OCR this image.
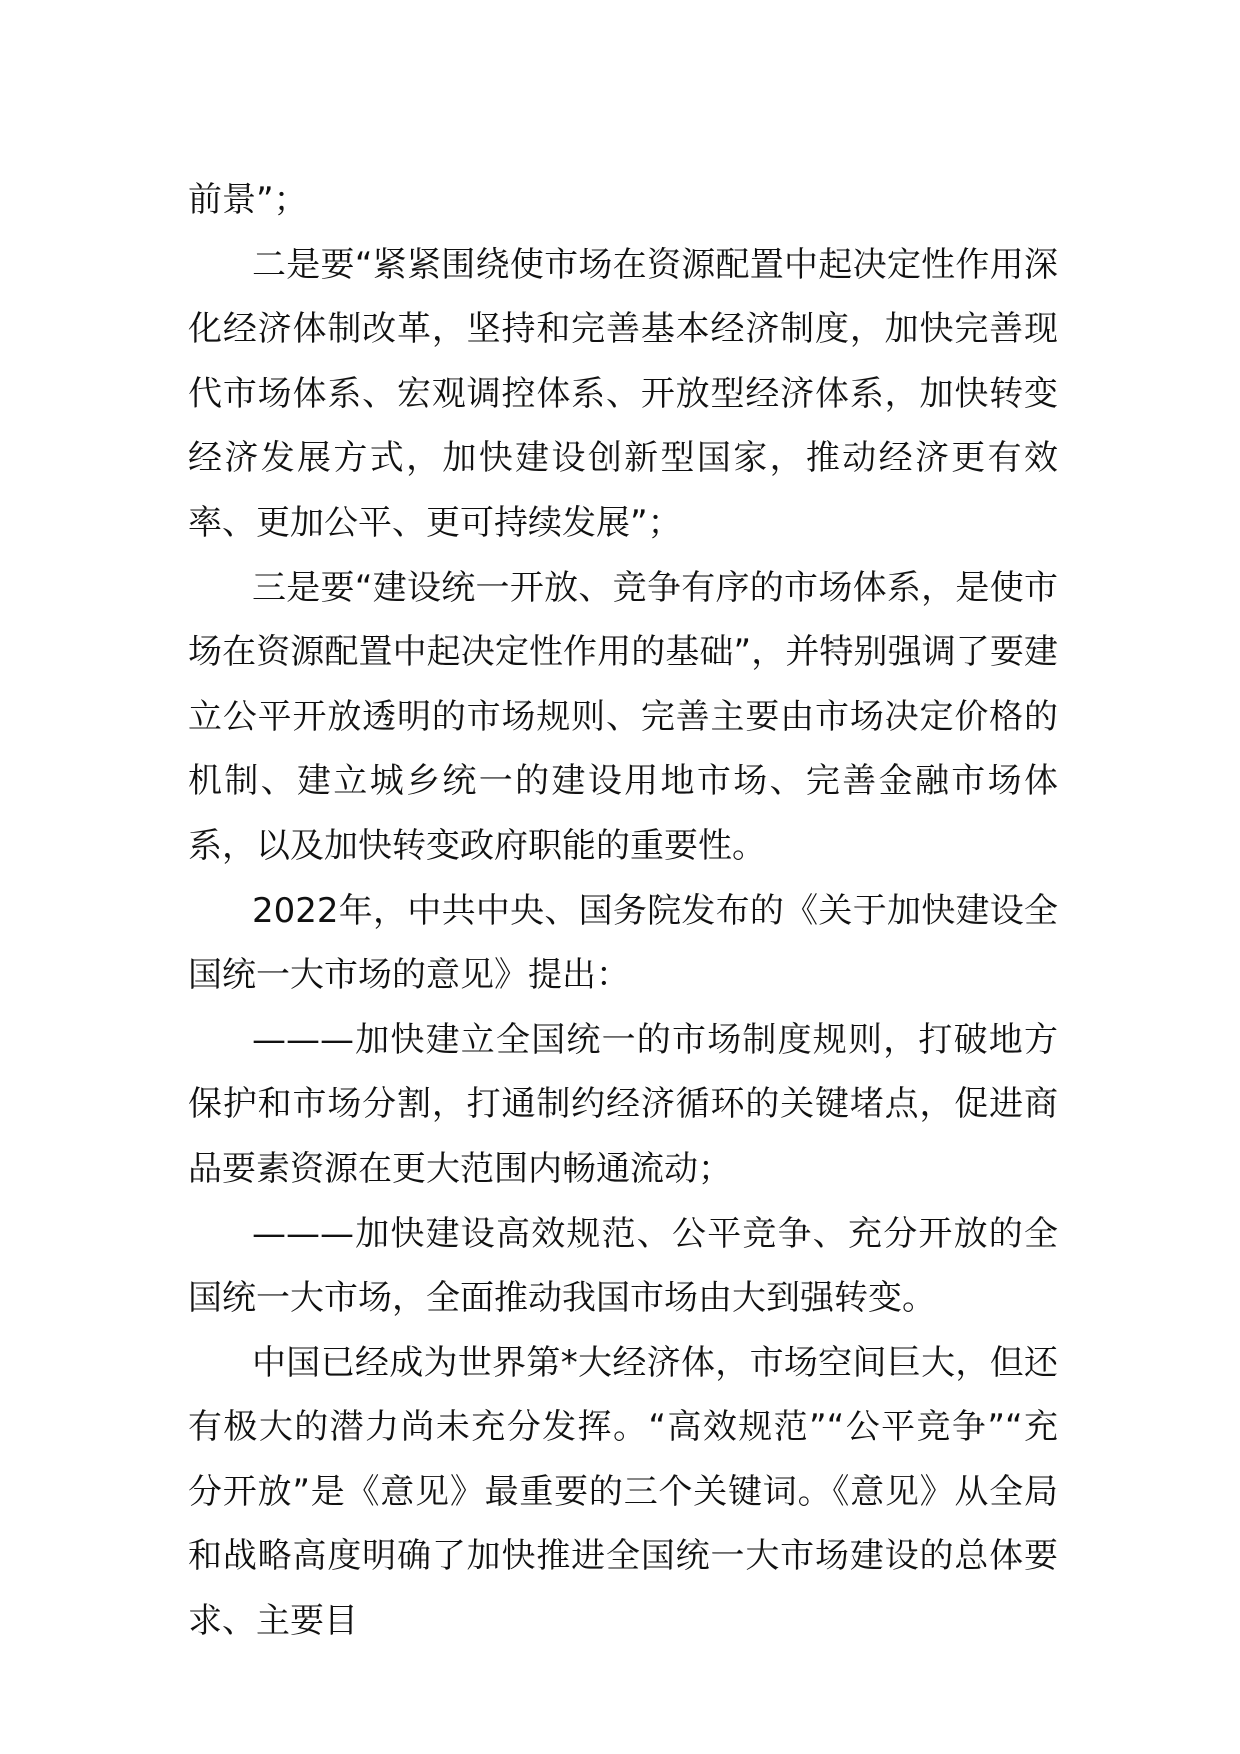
前景”；

二是要“紧紧围绕使市场在资源配置中起决定性作用深化经济体制改革，坚持和完善基本经济制度，加快完善现代市场体系、宏观调控体系、开放型经济体系，加快转变经济发展方式，加快建设创新型国家，推动经济更有效率、更加公平、更可持续发展”；

三是要“建设统一开放、竞争有序的市场体系，是使市场在资源配置中起决定性作用的基础”，并特别强调了要建立公平开放透明的市场规则、完善主要由市场决定价格的机制、建立城乡统一的建设用地市场、完善金融市场体系，以及加快转变政府职能的重要性。

2022年，中共中央、国务院发布的《关于加快建设全国统一大市场的意见》提出：

———加快建立全国统一的市场制度规则，打破地方保护和市场分割，打通制约经济循环的关键堵点，促进商品要素资源在更大范围内畅通流动；

———加快建设高效规范、公平竞争、充分开放的全国统一大市场，全面推动我国市场由大到强转变。

中国已经成为世界第*大经济体，市场空间巨大，但还有极大的潜力尚未充分发挥。“高效规范”“公平竞争”“充分开放”是《意见》最重要的三个关键词。《意见》从全局和战略高度明确了加快推进全国统一大市场建设的总体要求、主要目
